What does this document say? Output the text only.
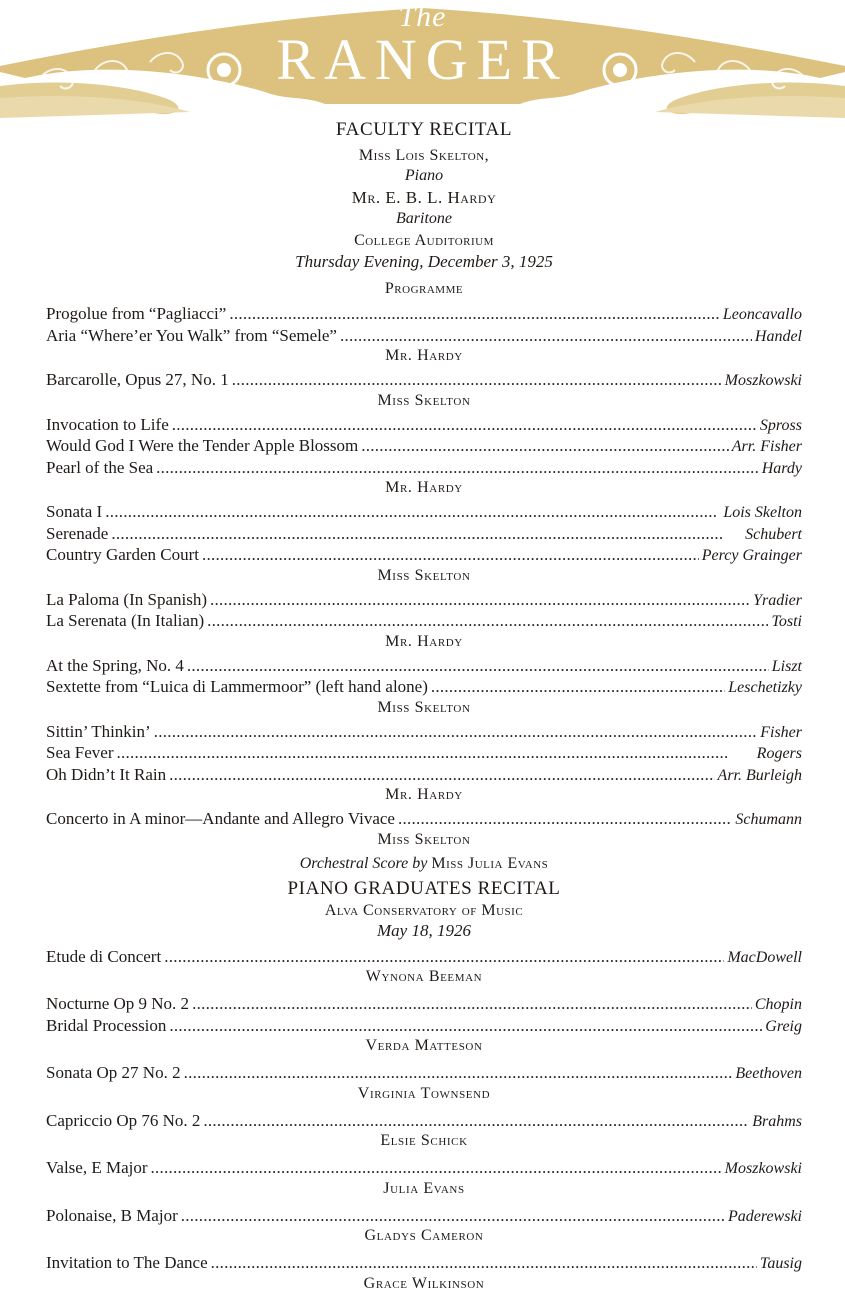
The
RANGER
FACULTY RECITAL
Miss Lois Skelton,
Piano
Mr. E. B. L. Hardy
Baritone
College Auditorium
Thursday Evening, December 3, 1925
Programme
Progolue from “Pagliacci” . . .	Leoncavallo
Aria “Where’er You Walk” from “Semele” . . .	Handel
Mr. Hardy
Barcarolle, Opus 27, No. 1 . . .	Moszkowski
Miss Skelton
Invocation to Life . . .	Spross
Would God I Were the Tender Apple Blossom . . .	Arr. Fisher
Pearl of the Sea . . .	Hardy
Mr. Hardy
Sonata I . . .	Lois Skelton
Serenade . . .	Schubert
Country Garden Court . . .	Percy Grainger
Miss Skelton
La Paloma (In Spanish) . . .	Yradier
La Serenata (In Italian) . . .	Tosti
Mr. Hardy
At the Spring, No. 4 . . .	Liszt
Sextette from “Luica di Lammermoor” (left hand alone) . . .	Leschetizky
Miss Skelton
Sittin’ Thinkin’ . . .	Fisher
Sea Fever . . .	Rogers
Oh Didn’t It Rain . . .	Arr. Burleigh
Mr. Hardy
Concerto in A minor—Andante and Allegro Vivace . . .	Schumann
Miss Skelton
Orchestral Score by Miss Julia Evans
PIANO GRADUATES RECITAL
Alva Conservatory of Music
May 18, 1926
Etude di Concert . . .	MacDowell
Wynona Beeman
Nocturne Op 9 No. 2 . . .	Chopin
Bridal Procession . . .	Greig
Verda Matteson
Sonata Op 27 No. 2 . . .	Beethoven
Virginia Townsend
Capriccio Op 76 No. 2 . . .	Brahms
Elsie Schick
Valse, E Major . . .	Moszkowski
Julia Evans
Polonaise, B Major . . .	Paderewski
Gladys Cameron
Invitation to The Dance . . .	Tausig
Grace Wilkinson
